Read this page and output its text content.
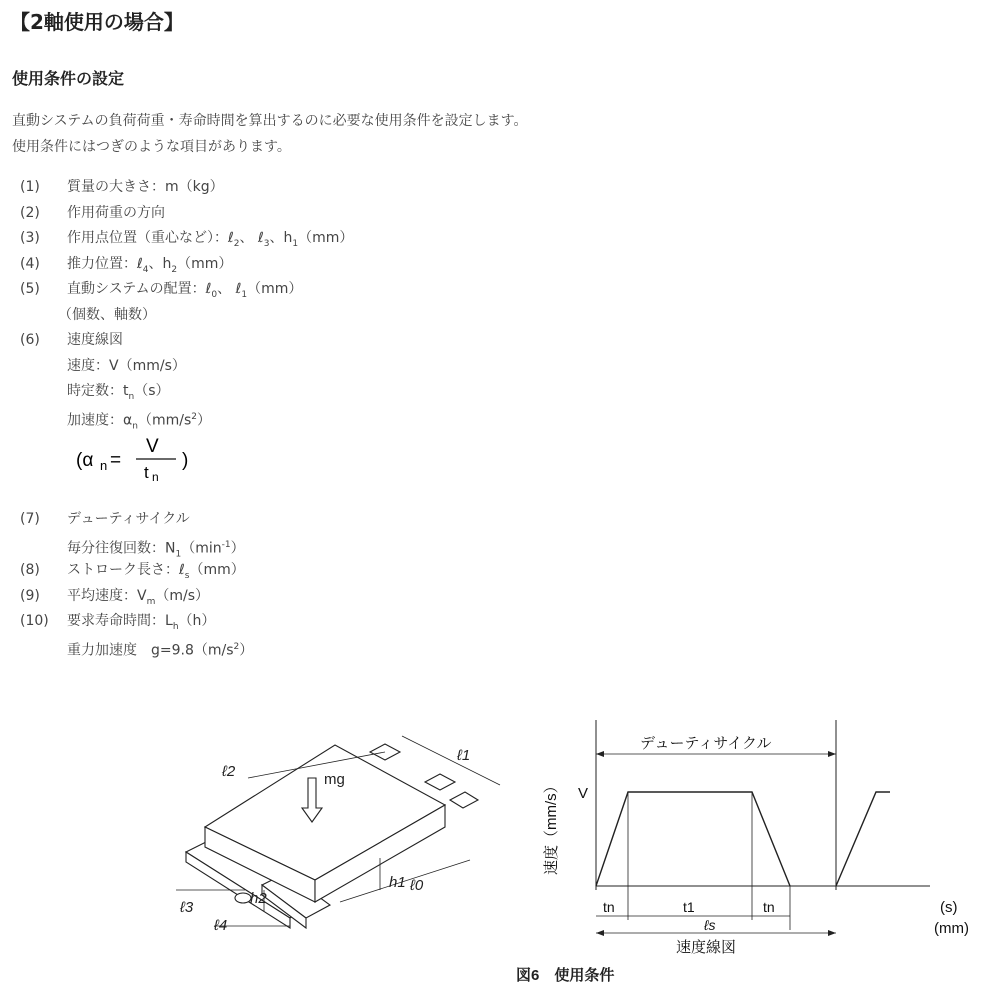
【2軸使用の場合】
使用条件の設定

直動システムの負荷荷重・寿命時間を算出するのに必要な使用条件を設定します。

使用条件にはつぎのような項目があります。

(1) 質量の大きさ：m（kg）
(2) 作用荷重の方向
(3) 作用点位置（重心など）：ℓ$_2$、 ℓ$_3$、$h_1(mm)$
(4) 推力位置：ℓ$_4$、$h_2(mm)$
(5) 直動システムの配置：ℓ$_0$、 ℓ$_1$（mm）
（個数、軸数）
(6) 速度線図
速度：V（mm/s）
時定数：$t_n(s)$
加速度：$\alpha_n(mm/s^2)$
(7) デューティサイクル
毎分往復回数：$N_1(\min^{-1})$
(8) ストローク長さ：ℓ$_s$（mm）
(9) 平均速度：$V_m(m/s)$
(10) 要求寿命時間：$L_h(h)$
重力加速度　$g=9.8(m/s^2)$
(α n =
V
t n
)
ℓ1
ℓ2	mg
h1 ℓ0
h2
ℓ3
ℓ4
デューティサイクル
V
速度（mm/s）
tn	t1	tn
ℓs
(s)
(mm)
速度線図
図6　使用条件
